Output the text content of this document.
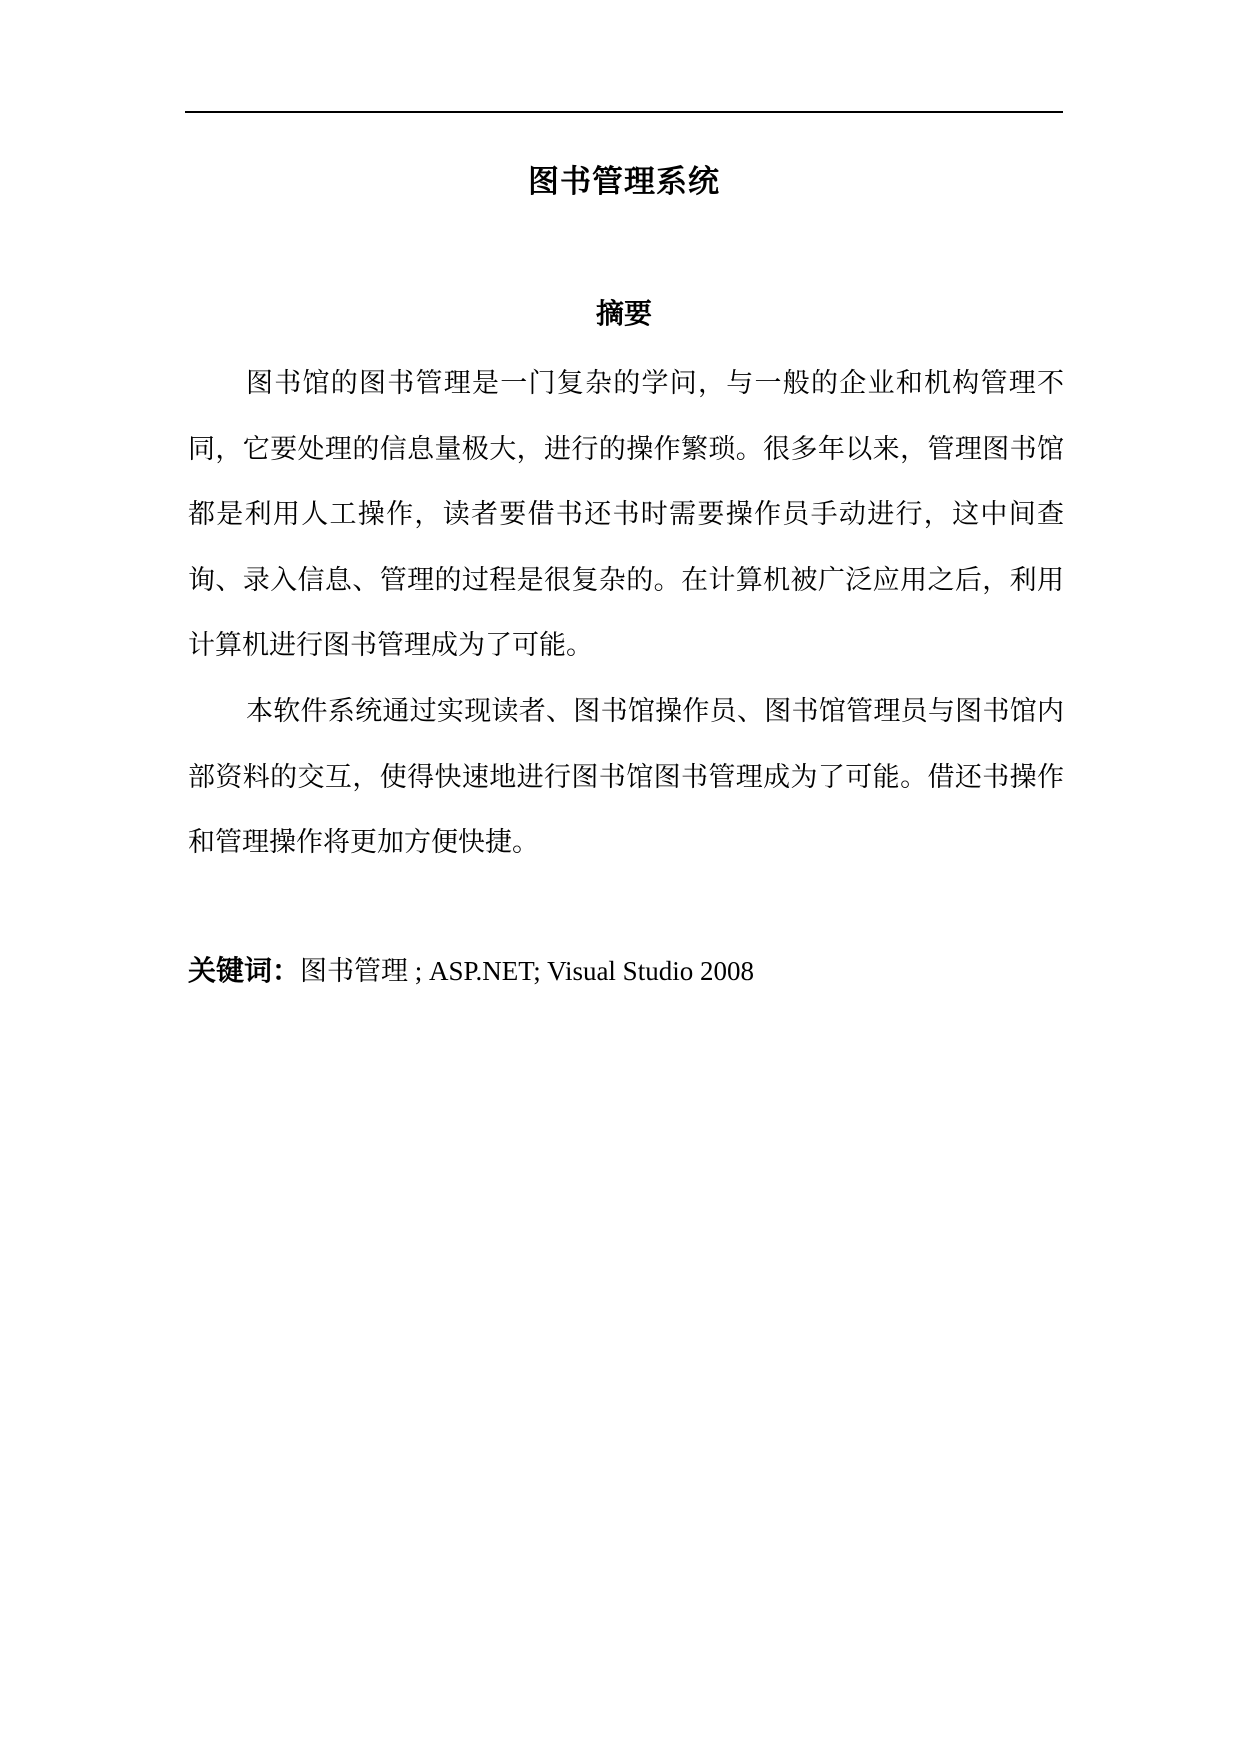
图书管理系统
摘要

图书馆的图书管理是一门复杂的学问，与一般的企业和机构管理不同，它要处理的信息量极大，进行的操作繁琐。很多年以来，管理图书馆都是利用人工操作，读者要借书还书时需要操作员手动进行，这中间查询、录入信息、管理的过程是很复杂的。在计算机被广泛应用之后，利用计算机进行图书管理成为了可能。

本软件系统通过实现读者、图书馆操作员、图书馆管理员与图书馆内部资料的交互，使得快速地进行图书馆图书管理成为了可能。借还书操作和管理操作将更加方便快捷。

关键词：图书管理 ; ASP.NET; Visual Studio 2008
